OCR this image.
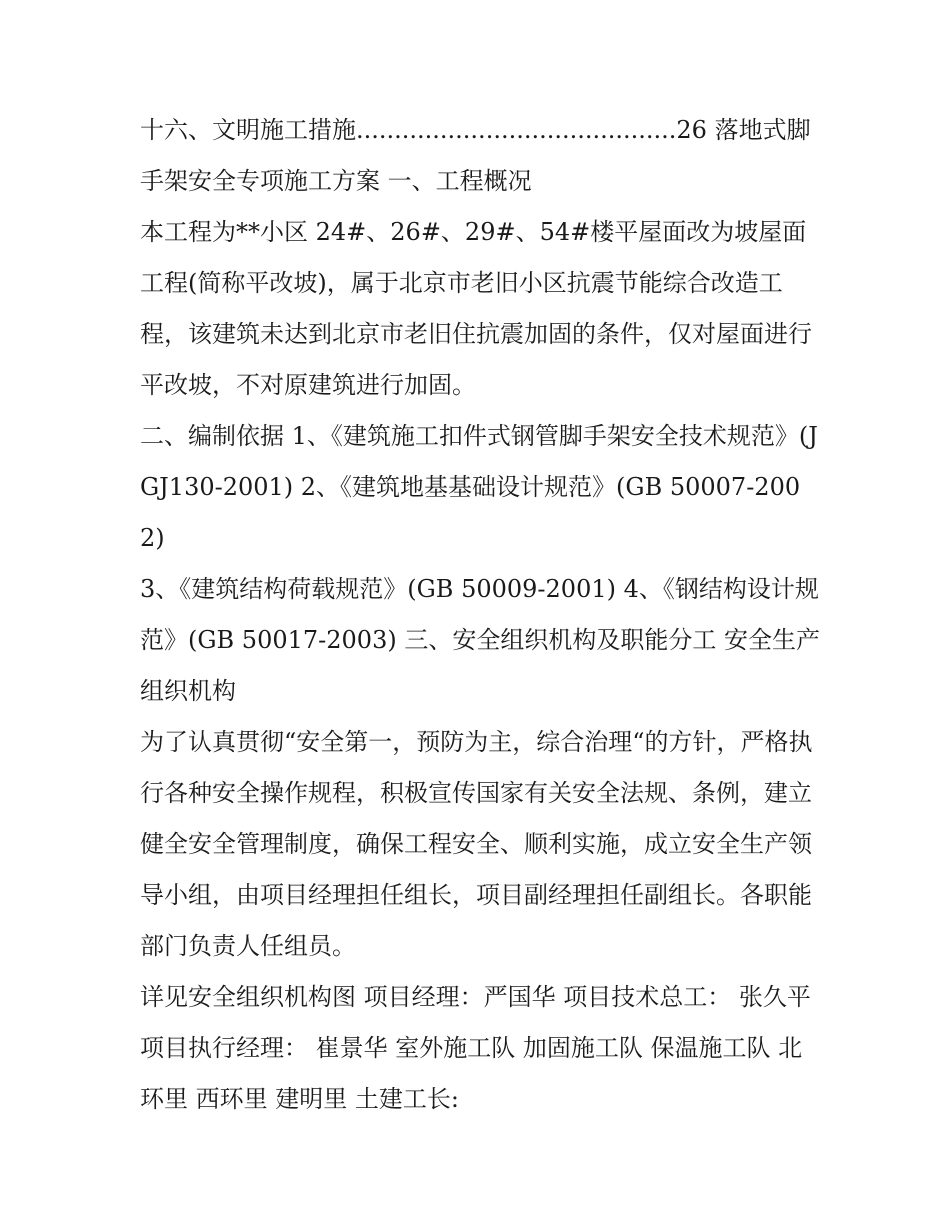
十六、文明施工措施..........................................26 落地式脚手架安全专项施工方案 一、工程概况

本工程为**小区 24#、26#、29#、54#楼平屋面改为坡屋面工程(简称平改坡)，属于北京市老旧小区抗震节能综合改造工程，该建筑未达到北京市老旧住抗震加固的条件，仅对屋面进行平改坡，不对原建筑进行加固。

二、编制依据 1、《建筑施工扣件式钢管脚手架安全技术规范》(JGJ130-2001) 2、《建筑地基基础设计规范》(GB 50007-2002)

3、《建筑结构荷载规范》(GB 50009-2001) 4、《钢结构设计规范》(GB 50017-2003) 三、安全组织机构及职能分工 安全生产组织机构

为了认真贯彻“安全第一，预防为主，综合治理“的方针，严格执行各种安全操作规程，积极宣传国家有关安全法规、条例，建立健全安全管理制度，确保工程安全、顺利实施，成立安全生产领导小组，由项目经理担任组长，项目副经理担任副组长。各职能部门负责人任组员。

详见安全组织机构图 项目经理：严国华 项目技术总工： 张久平 项目执行经理： 崔景华 室外施工队 加固施工队 保温施工队 北环里 西环里 建明里 土建工长:
